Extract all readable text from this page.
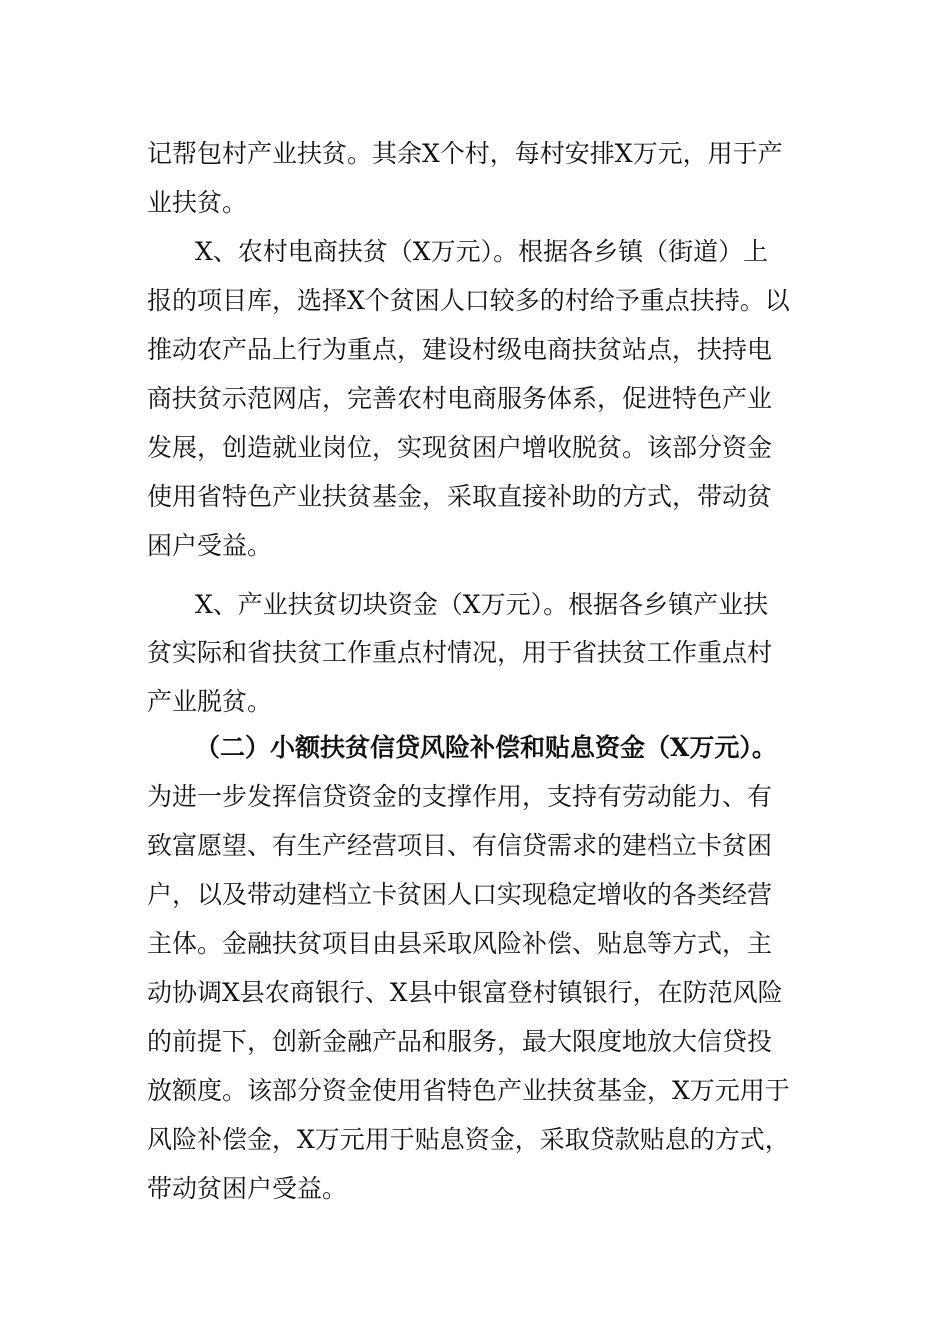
记帮包村产业扶贫。其余X个村，每村安排X万元，用于产
业扶贫。
X、农村电商扶贫（X万元）。根据各乡镇（街道）上
报的项目库，选择X个贫困人口较多的村给予重点扶持。以
推动农产品上行为重点，建设村级电商扶贫站点，扶持电
商扶贫示范网店，完善农村电商服务体系，促进特色产业
发展，创造就业岗位，实现贫困户增收脱贫。该部分资金
使用省特色产业扶贫基金，采取直接补助的方式，带动贫
困户受益。
X、产业扶贫切块资金（X万元）。根据各乡镇产业扶
贫实际和省扶贫工作重点村情况，用于省扶贫工作重点村
产业脱贫。
（二）小额扶贫信贷风险补偿和贴息资金（X万元）。
为进一步发挥信贷资金的支撑作用，支持有劳动能力、有
致富愿望、有生产经营项目、有信贷需求的建档立卡贫困
户，以及带动建档立卡贫困人口实现稳定增收的各类经营
主体。金融扶贫项目由县采取风险补偿、贴息等方式，主
动协调X县农商银行、X县中银富登村镇银行，在防范风险
的前提下，创新金融产品和服务，最大限度地放大信贷投
放额度。该部分资金使用省特色产业扶贫基金，X万元用于
风险补偿金，X万元用于贴息资金，采取贷款贴息的方式，
带动贫困户受益。
